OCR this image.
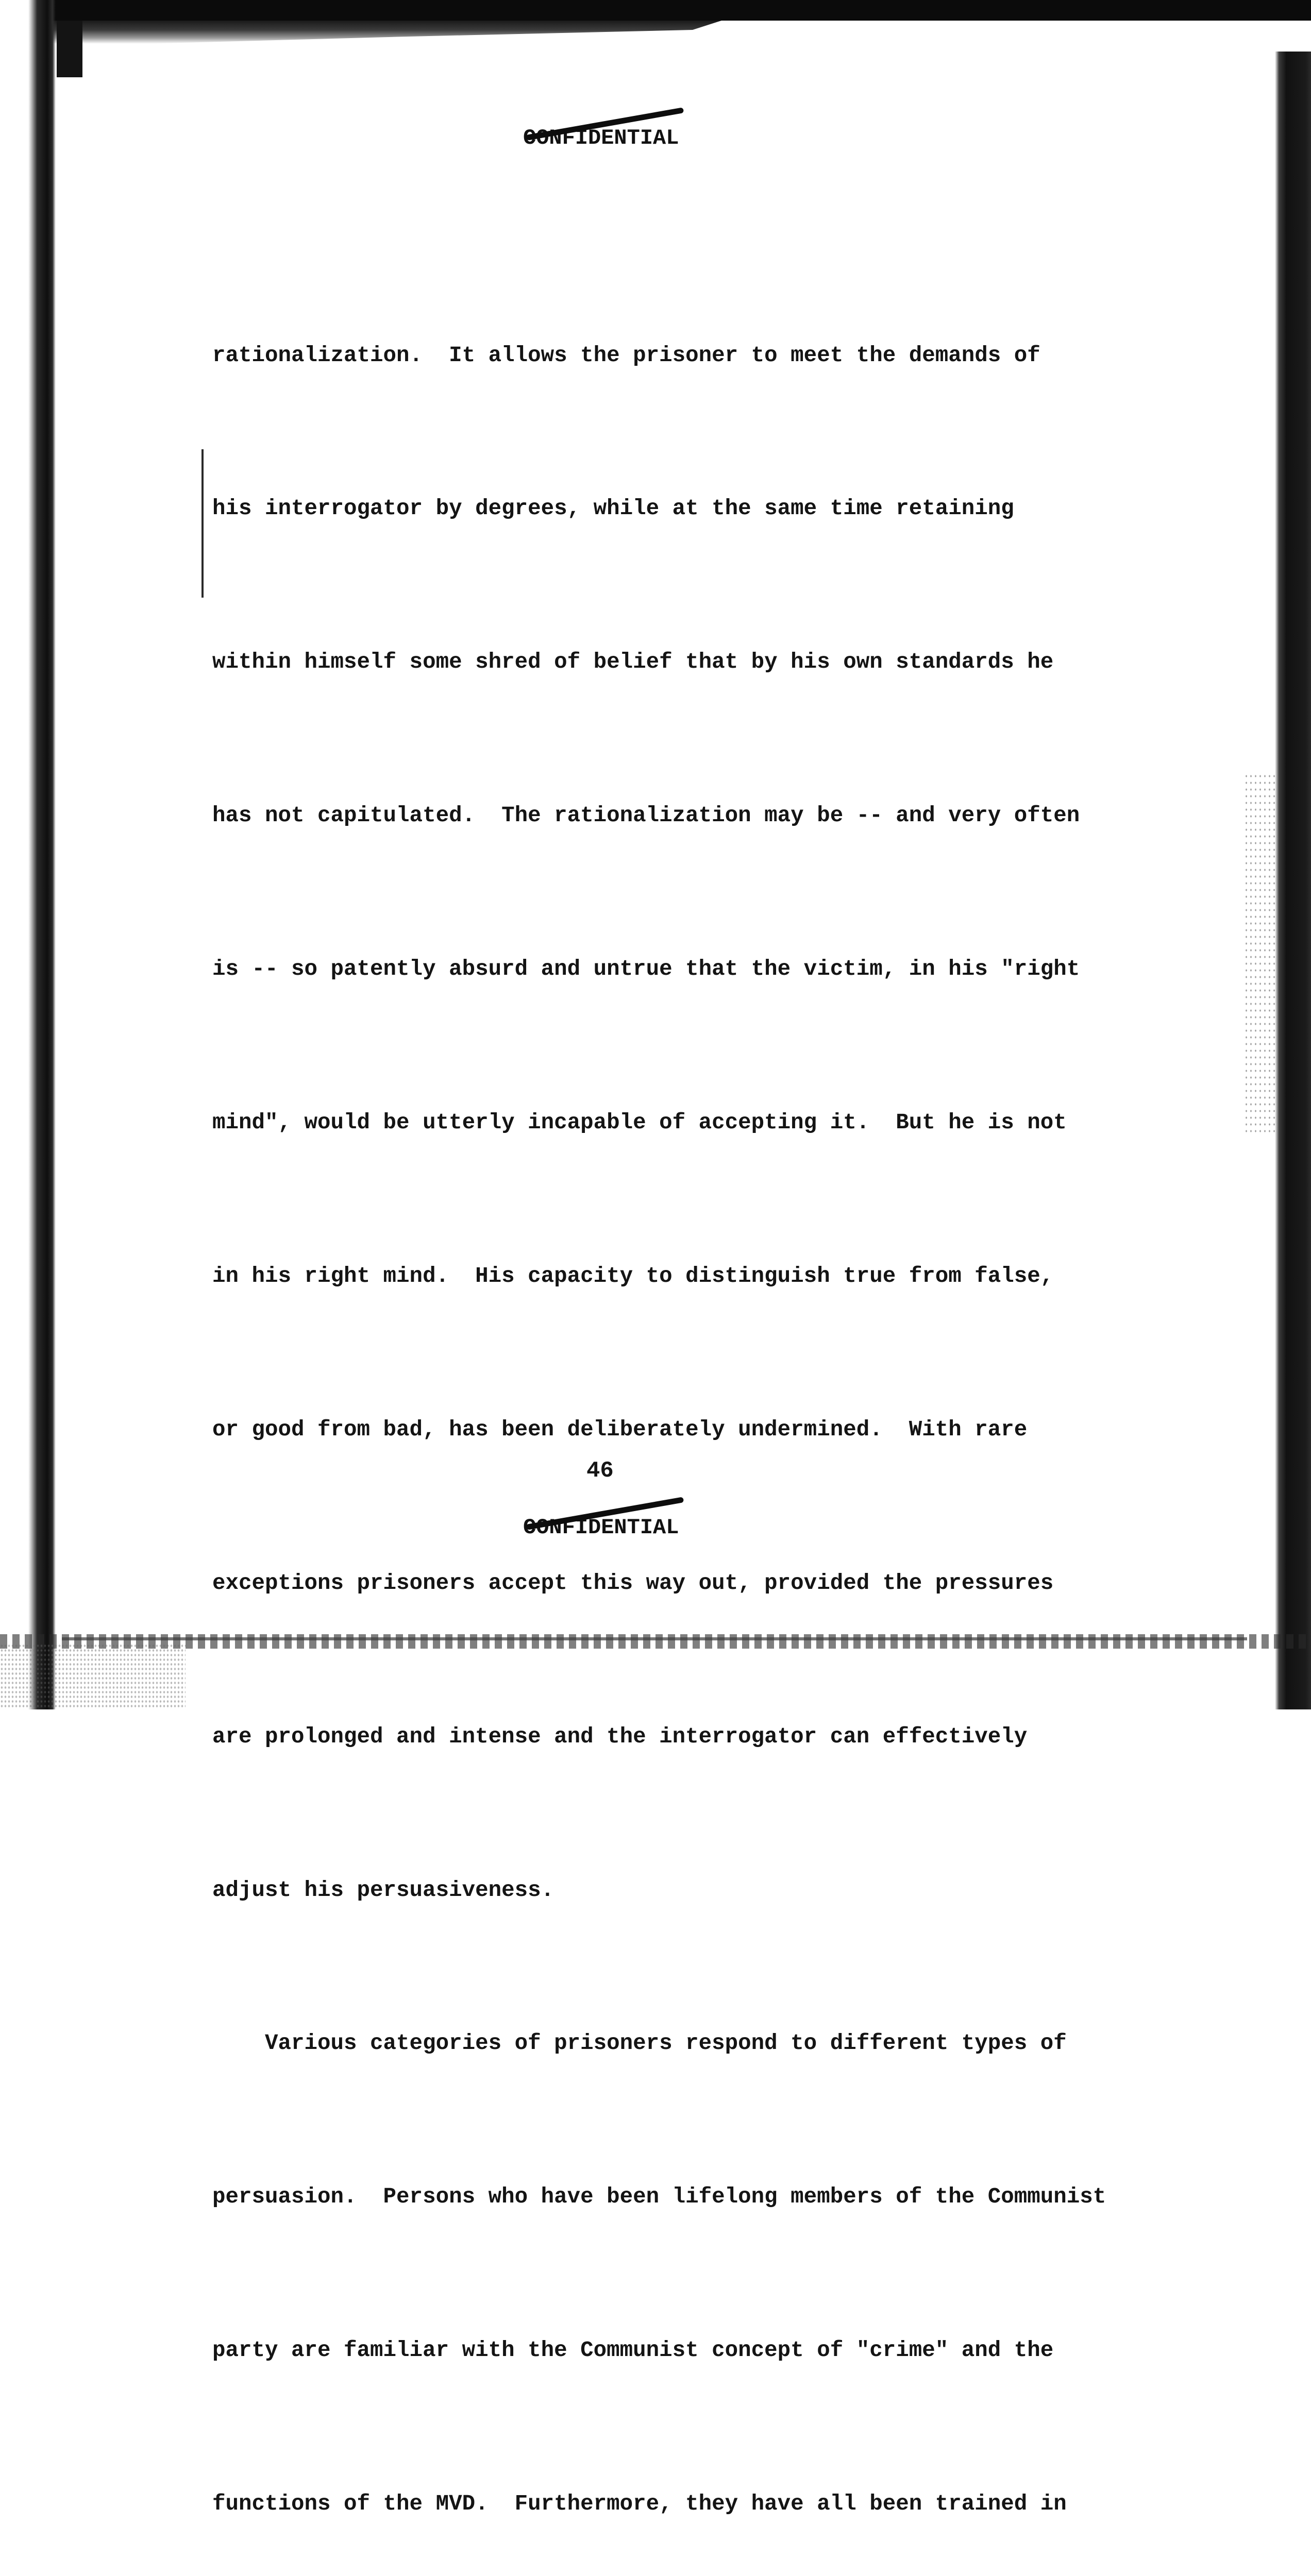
CONFIDENTIAL

rationalization.  It allows the prisoner to meet the demands of

his interrogator by degrees, while at the same time retaining

within himself some shred of belief that by his own standards he

has not capitulated.  The rationalization may be -- and very often

is -- so patently absurd and untrue that the victim, in his "right

mind", would be utterly incapable of accepting it.  But he is not

in his right mind.  His capacity to distinguish true from false,

or good from bad, has been deliberately undermined.  With rare

exceptions prisoners accept this way out, provided the pressures

are prolonged and intense and the interrogator can effectively

adjust his persuasiveness.

Various categories of prisoners respond to different types of

persuasion.  Persons who have been lifelong members of the Communist

party are familiar with the Communist concept of "crime" and the

functions of the MVD.  Furthermore, they have all been trained in

46
CONFIDENTIAL
